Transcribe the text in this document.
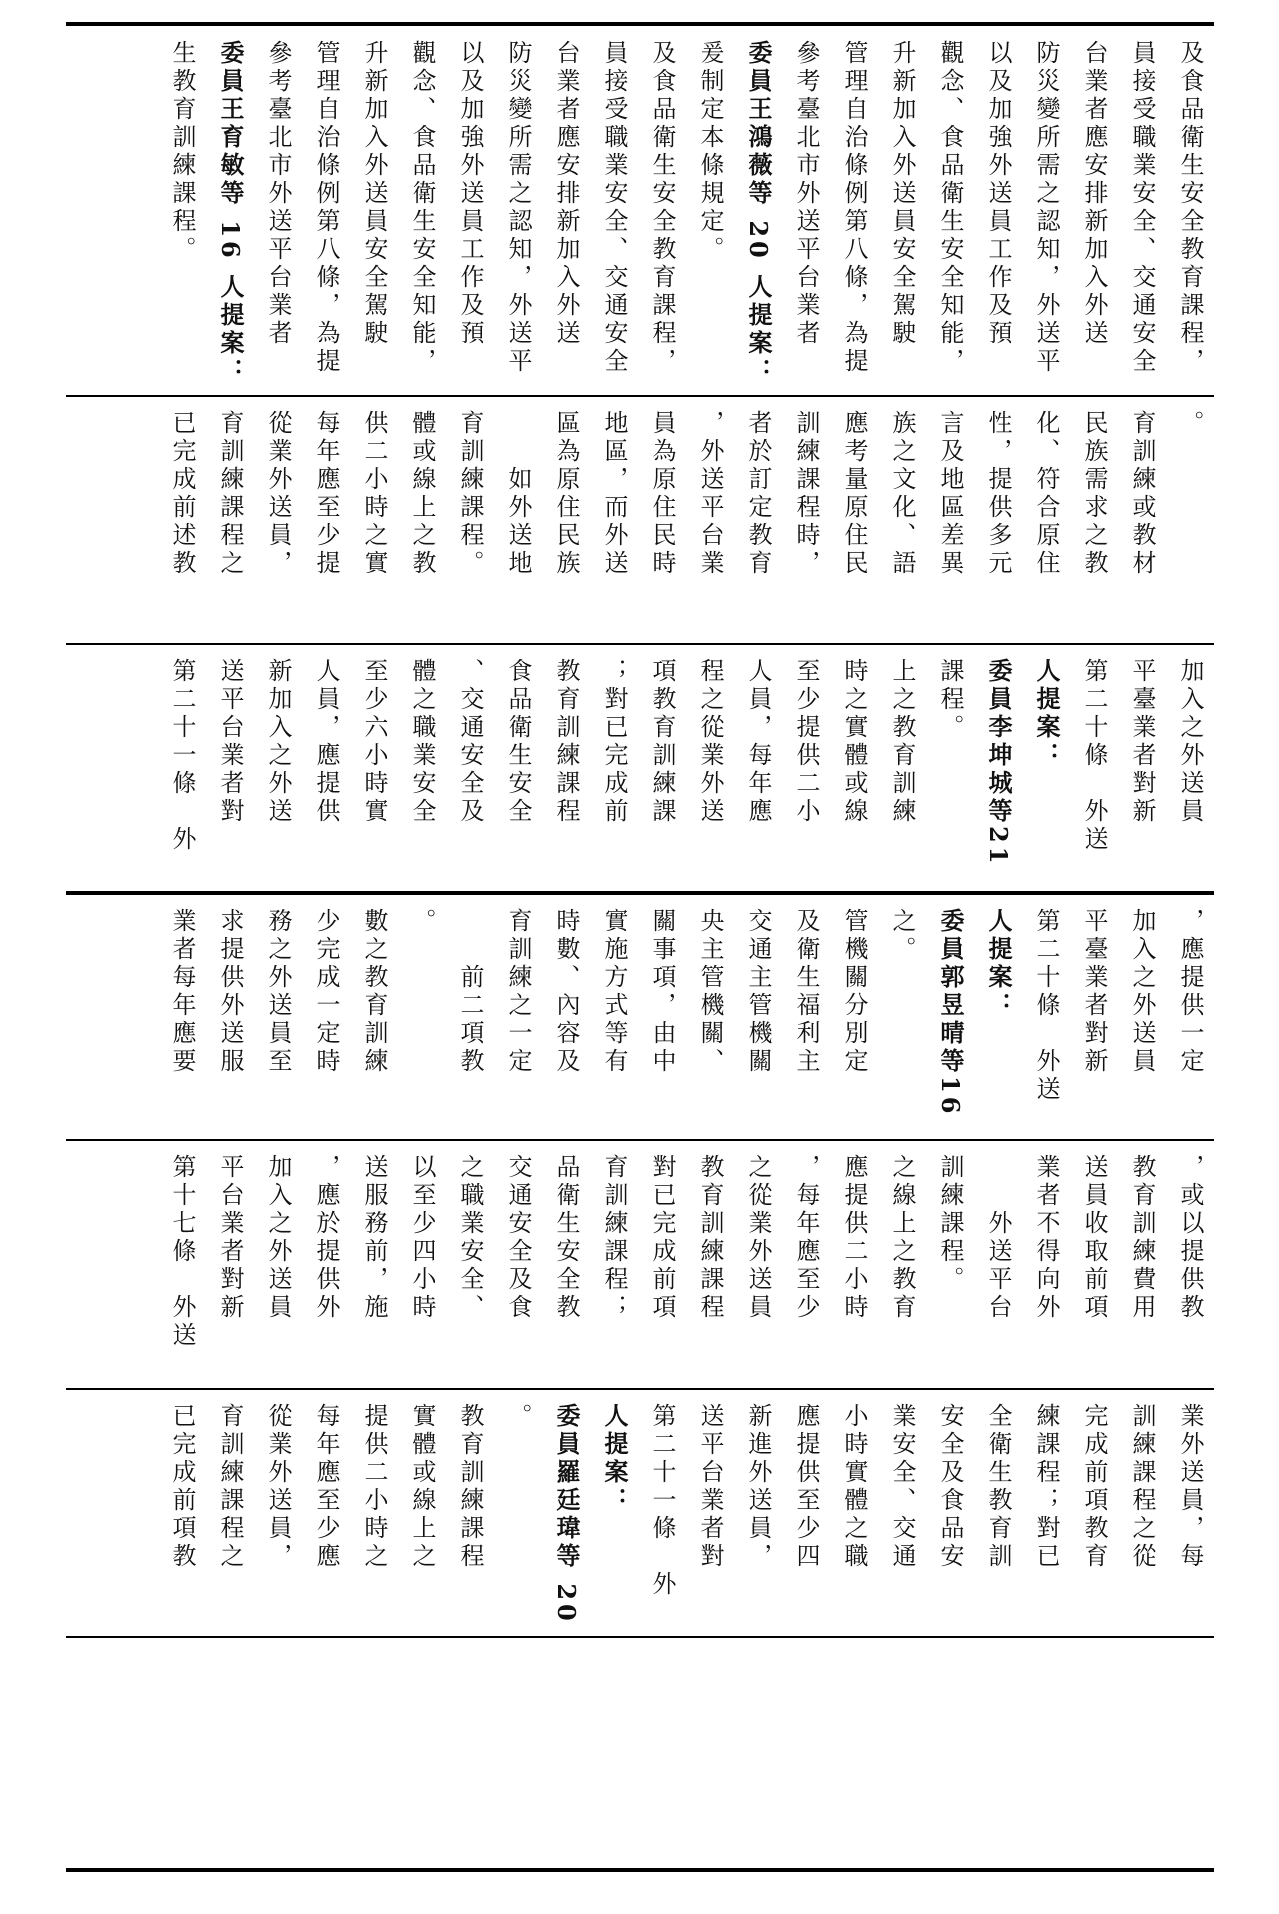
生教育訓練課程。 委員王育敏等 16 人提案： 參考臺北市外送平台業者 管理自治條例第八條，為提 升新加入外送員安全駕駛 觀念、食品衛生安全知能， 以及加強外送員工作及預 防災變所需之認知，外送平 台業者應安排新加入外送 員接受職業安全、交通安全 及食品衛生安全教育課程， 爰制定本條規定。 委員王鴻薇等 20 人提案： 參考臺北市外送平台業者 管理自治條例第八條，為提 升新加入外送員安全駕駛 觀念、食品衛生安全知能， 以及加強外送員工作及預 防災變所需之認知，外送平 台業者應安排新加入外送 員接受職業安全、交通安全 及食品衛生安全教育課程，
已完成前述教 育訓練課程之 從業外送員， 每年應至少提 供二小時之實 體或線上之教 育訓練課程。 　　如外送地 區為原住民族 地區，而外送 員為原住民時 ，外送平台業 者於訂定教育 訓練課程時， 應考量原住民 族之文化、語 言及地區差異 性，提供多元 化、符合原住 民族需求之教 育訓練或教材 。
第二十一條　外 送平台業者對 新加入之外送 人員，應提供 至少六小時實 體之職業安全 、交通安全及 食品衛生安全 教育訓練課程 ；對已完成前 項教育訓練課 程之從業外送 人員，每年應 至少提供二小 時之實體或線 上之教育訓練 課程。 委員李坤城等21 人提案： 第二十條　外送 平臺業者對新 加入之外送員
業者每年應要 求提供外送服 務之外送員至 少完成一定時 數之教育訓練 。 　　前二項教 育訓練之一定 時數、內容及 實施方式等有 關事項，由中 央主管機關、 交通主管機關 及衛生福利主 管機關分別定 之。 委員郭昱晴等16 人提案： 第二十條　外送 平臺業者對新 加入之外送員 ，應提供一定
第十七條　外送 平台業者對新 加入之外送員 ，應於提供外 送服務前，施 以至少四小時 之職業安全、 交通安全及食 品衛生安全教 育訓練課程； 對已完成前項 教育訓練課程 之從業外送員 ，每年應至少 應提供二小時 之線上之教育 訓練課程。 　　外送平台 業者不得向外 送員收取前項 教育訓練費用 ，或以提供教
已完成前項教 育訓練課程之 從業外送員， 每年應至少應 提供二小時之 實體或線上之 教育訓練課程 。 委員羅廷瑋等 20 人提案： 第二十一條　外 送平台業者對 新進外送員， 應提供至少四 小時實體之職 業安全、交通 安全及食品安 全衛生教育訓 練課程；對已 完成前項教育 訓練課程之從 業外送員，每
